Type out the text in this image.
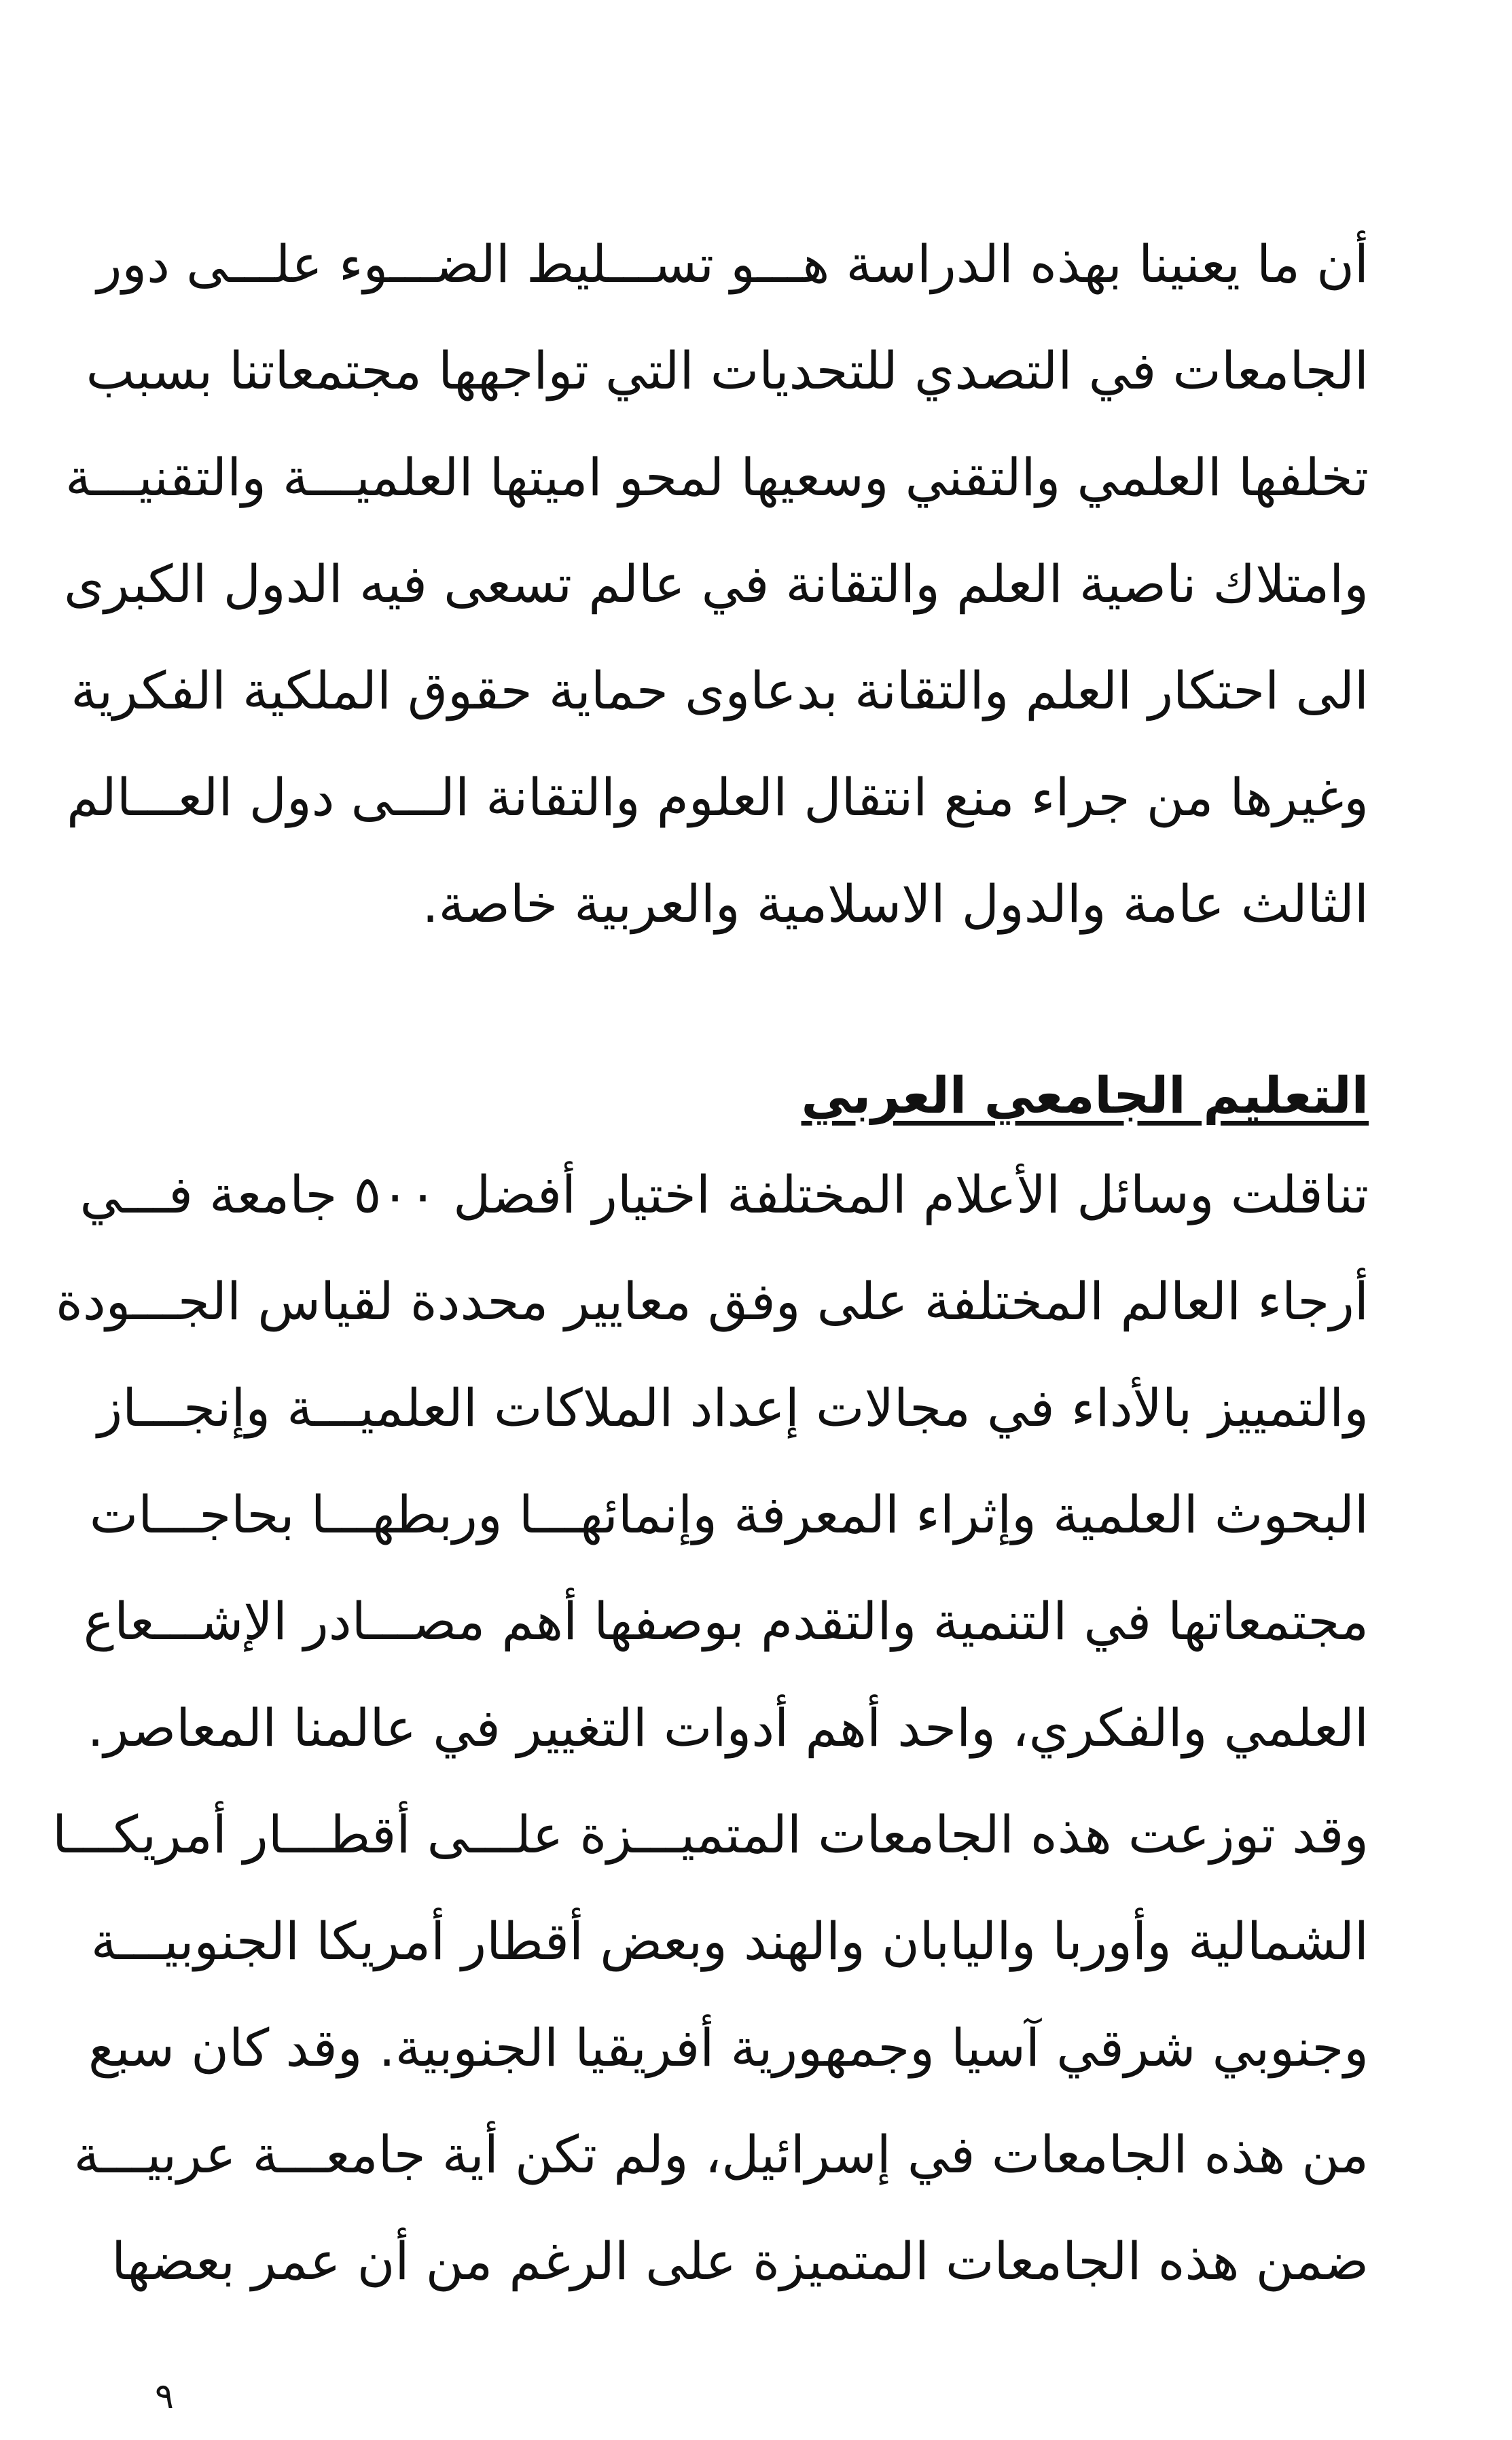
أن ما يعنينا بهذه الدراسة هـــو تســـليط الضـــوء علـــى دور
الجامعات في التصدي للتحديات التي تواجهها مجتمعاتنا بسبب
تخلفها العلمي والتقني وسعيها لمحو اميتها العلميـــة والتقنيـــة
وامتلاك ناصية العلم والتقانة في عالم تسعى فيه الدول الكبرى
الى احتكار العلم والتقانة بدعاوى حماية حقوق الملكية الفكرية
وغيرها من جراء منع انتقال العلوم والتقانة الـــى دول العـــالم
الثالث عامة والدول الاسلامية والعربية خاصة.
التعليم الجامعي العربي
تناقلت وسائل الأعلام المختلفة اختيار أفضل ٥٠٠ جامعة فـــي
أرجاء العالم المختلفة على وفق معايير محددة لقياس الجـــودة
والتمييز بالأداء في مجالات إعداد الملاكات العلميـــة وإنجـــاز
البحوث العلمية وإثراء المعرفة وإنمائهـــا وربطهـــا بحاجـــات
مجتمعاتها في التنمية والتقدم بوصفها أهم مصـــادر الإشـــعاع
العلمي والفكري، واحد أهم أدوات التغيير في عالمنا المعاصر.
وقد توزعت هذه الجامعات المتميـــزة علـــى أقطـــار أمريكـــا
الشمالية وأوربا واليابان والهند وبعض أقطار أمريكا الجنوبيـــة
وجنوبي شرقي آسيا وجمهورية أفريقيا الجنوبية. وقد كان سبع
من هذه الجامعات في إسرائيل، ولم تكن أية جامعـــة عربيـــة
ضمن هذه الجامعات المتميزة على الرغم من أن عمر بعضها
٩
